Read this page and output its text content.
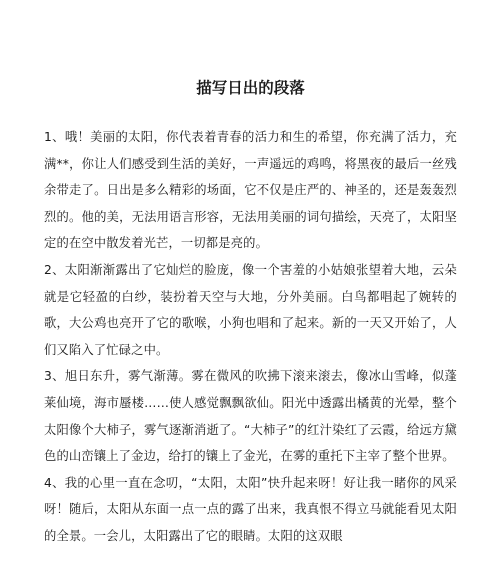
描写日出的段落

1、哦！美丽的太阳，你代表着青春的活力和生的希望，你充满了活力，充满**，你让人们感受到生活的美好，一声遥远的鸡鸣，将黑夜的最后一丝残余带走了。日出是多么精彩的场面，它不仅是庄严的、神圣的，还是轰轰烈烈的。他的美，无法用语言形容，无法用美丽的词句描绘，天亮了，太阳坚定的在空中散发着光芒，一切都是亮的。

2、太阳渐渐露出了它灿烂的脸庞，像一个害羞的小姑娘张望着大地，云朵就是它轻盈的白纱，装扮着天空与大地，分外美丽。白鸟都唱起了婉转的歌，大公鸡也亮开了它的歌喉，小狗也唱和了起来。新的一天又开始了，人们又陷入了忙碌之中。

3、旭日东升，雾气渐薄。雾在微风的吹拂下滚来滚去，像冰山雪峰，似蓬莱仙境，海市蜃楼……使人感觉飘飘欲仙。阳光中透露出橘黄的光晕，整个太阳像个大柿子，雾气逐渐消逝了。“大柿子”的红汁染红了云霞，给远方黛色的山峦镶上了金边，给打的镶上了金光，在雾的重托下主宰了整个世界。

4、我的心里一直在念叨，“太阳，太阳”快升起来呀！好让我一睹你的风采呀！随后，太阳从东面一点一点的露了出来，我真恨不得立马就能看见太阳的全景。一会儿，太阳露出了它的眼睛。太阳的这双眼
